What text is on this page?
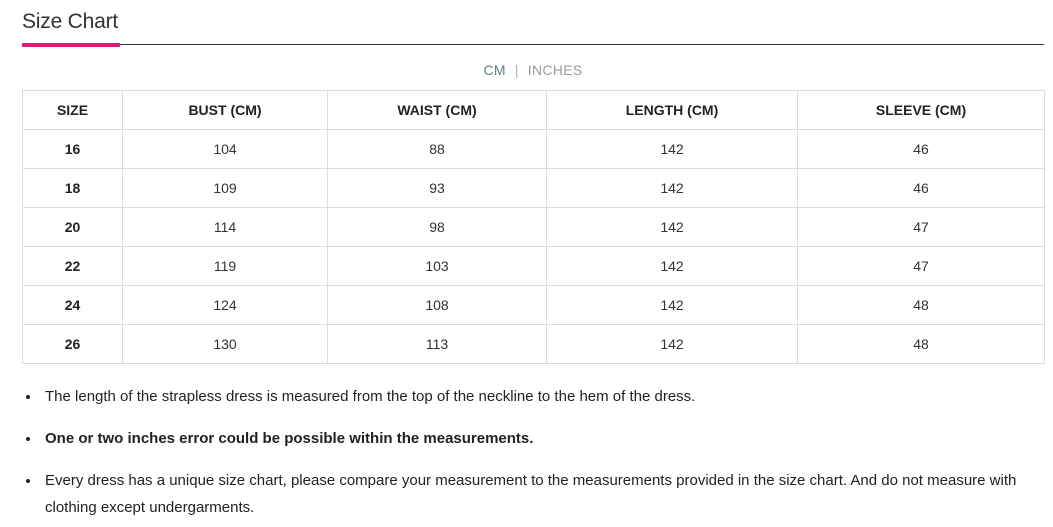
Size Chart
CM | INCHES
SIZE	BUST (CM)	WAIST (CM)	LENGTH (CM)	SLEEVE (CM)
16	104	88	142	46
18	109	93	142	46
20	114	98	142	47
22	119	103	142	47
24	124	108	142	48
26	130	113	142	48
The length of the strapless dress is measured from the top of the neckline to the hem of the dress.
One or two inches error could be possible within the measurements.
Every dress has a unique size chart, please compare your measurement to the measurements provided in the size chart. And do not measure with clothing except undergarments.
